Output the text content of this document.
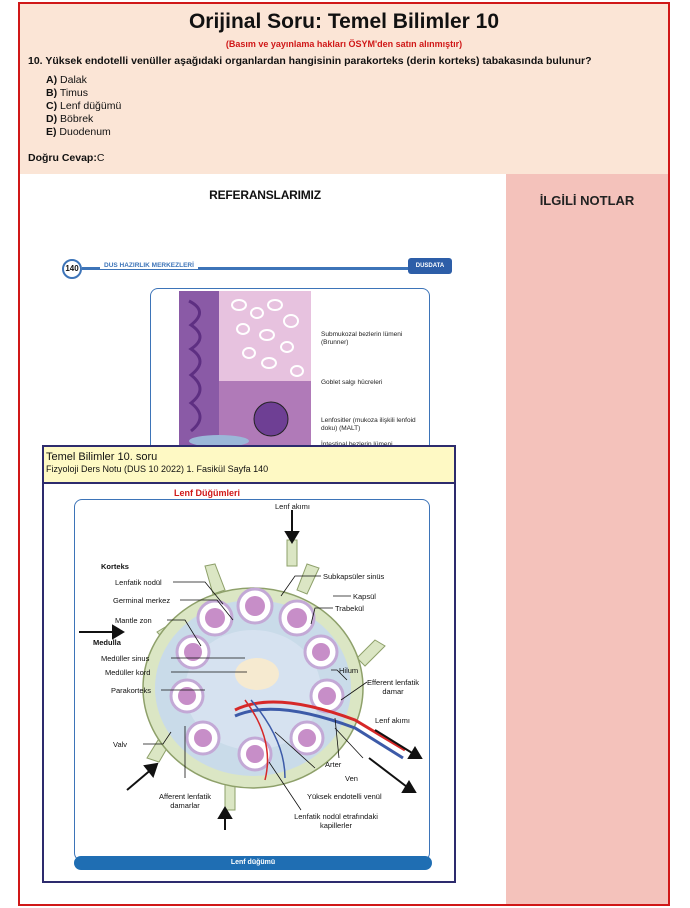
Orijinal Soru: Temel Bilimler 10
(Basım ve yayınlama hakları ÖSYM'den satın alınmıştır)
10. Yüksek endotelli venüller aşağıdaki organlardan hangisinin parakorteks (derin korteks) tabakasında bulunur?
A) Dalak
B) Timus
C) Lenf düğümü
D) Böbrek
E) Duodenum
Doğru Cevap:C
İLGİLİ NOTLAR
REFERANSLARIMIZ
140	DUS HAZIRLIK MERKEZLERİ	DUSDATA
Submukozal bezlerin lümeni (Brunner)
Goblet salgı hücreleri
Lenfositler (mukoza ilişkili lenfoid doku) (MALT)
Temel Bilimler 10. soru
Fizyoloji Ders Notu (DUS 10 2022) 1. Fasikül Sayfa 140
Lenf Düğümleri
Lenf akımı
Korteks
Lenfatik nodül
Germinal merkez
Mantle zon
Medulla
Medüller sinus
Medüller kord
Parakorteks
Valv
Afferent lenfatik damarlar
Subkapsüler sinüs
Kapsül
Trabekül
Hilum
Efferent lenfatik damar
Lenf akımı
Arter
Ven
Yüksek endotelli venül
Lenfatik nodül etrafındaki kapillerler
Lenf düğümü
